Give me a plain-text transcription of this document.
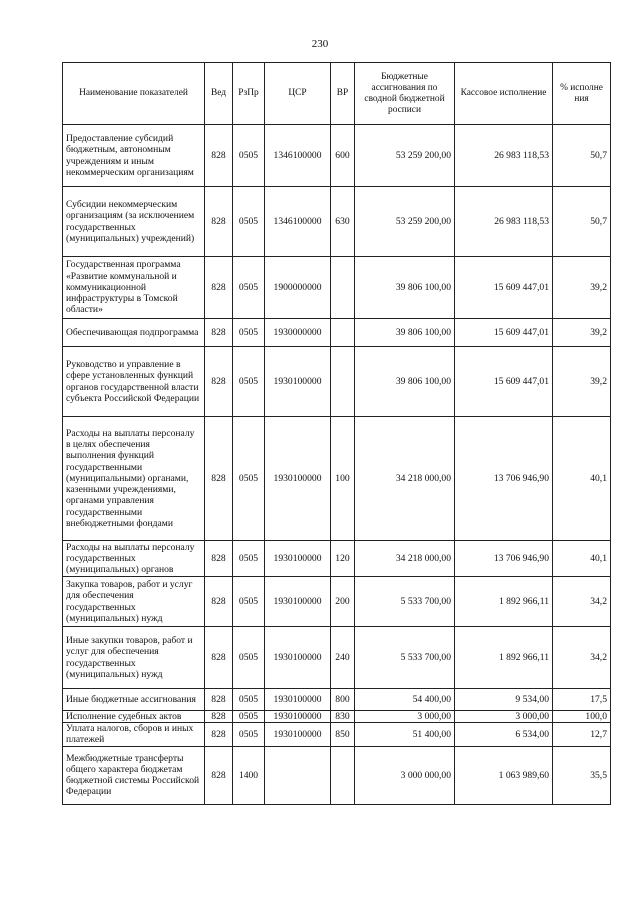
230
Наименование показателей	Вед	РзПр	ЦСР	ВР	Бюджетные ассигнования по сводной бюджетной росписи	Кассовое исполнение	% исполне ния
Предоставление субсидий бюджетным, автономным учреждениям и иным некоммерческим организациям	828	0505	1346100000	600	53 259 200,00	26 983 118,53	50,7
Субсидии некоммерческим организациям (за исключением государственных (муниципальных) учреждений)	828	0505	1346100000	630	53 259 200,00	26 983 118,53	50,7
Государственная программа «Развитие коммунальной и коммуникационной инфраструктуры в Томской области»	828	0505	1900000000		39 806 100,00	15 609 447,01	39,2
Обеспечивающая подпрограмма	828	0505	1930000000		39 806 100,00	15 609 447,01	39,2
Руководство и управление в сфере установленных функций органов государственной власти субъекта Российской Федерации	828	0505	1930100000		39 806 100,00	15 609 447,01	39,2
Расходы на выплаты персоналу в целях обеспечения выполнения функций государственными (муниципальными) органами, казенными учреждениями, органами управления государственными внебюджетными фондами	828	0505	1930100000	100	34 218 000,00	13 706 946,90	40,1
Расходы на выплаты персоналу государственных (муниципальных) органов	828	0505	1930100000	120	34 218 000,00	13 706 946,90	40,1
Закупка товаров, работ и услуг для обеспечения государственных (муниципальных) нужд	828	0505	1930100000	200	5 533 700,00	1 892 966,11	34,2
Иные закупки товаров, работ и услуг для обеспечения государственных (муниципальных) нужд	828	0505	1930100000	240	5 533 700,00	1 892 966,11	34,2
Иные бюджетные ассигнования	828	0505	1930100000	800	54 400,00	9 534,00	17,5
Исполнение судебных актов	828	0505	1930100000	830	3 000,00	3 000,00	100,0
Уплата налогов, сборов и иных платежей	828	0505	1930100000	850	51 400,00	6 534,00	12,7
Межбюджетные трансферты общего характера бюджетам бюджетной системы Российской Федерации	828	1400			3 000 000,00	1 063 989,60	35,5
